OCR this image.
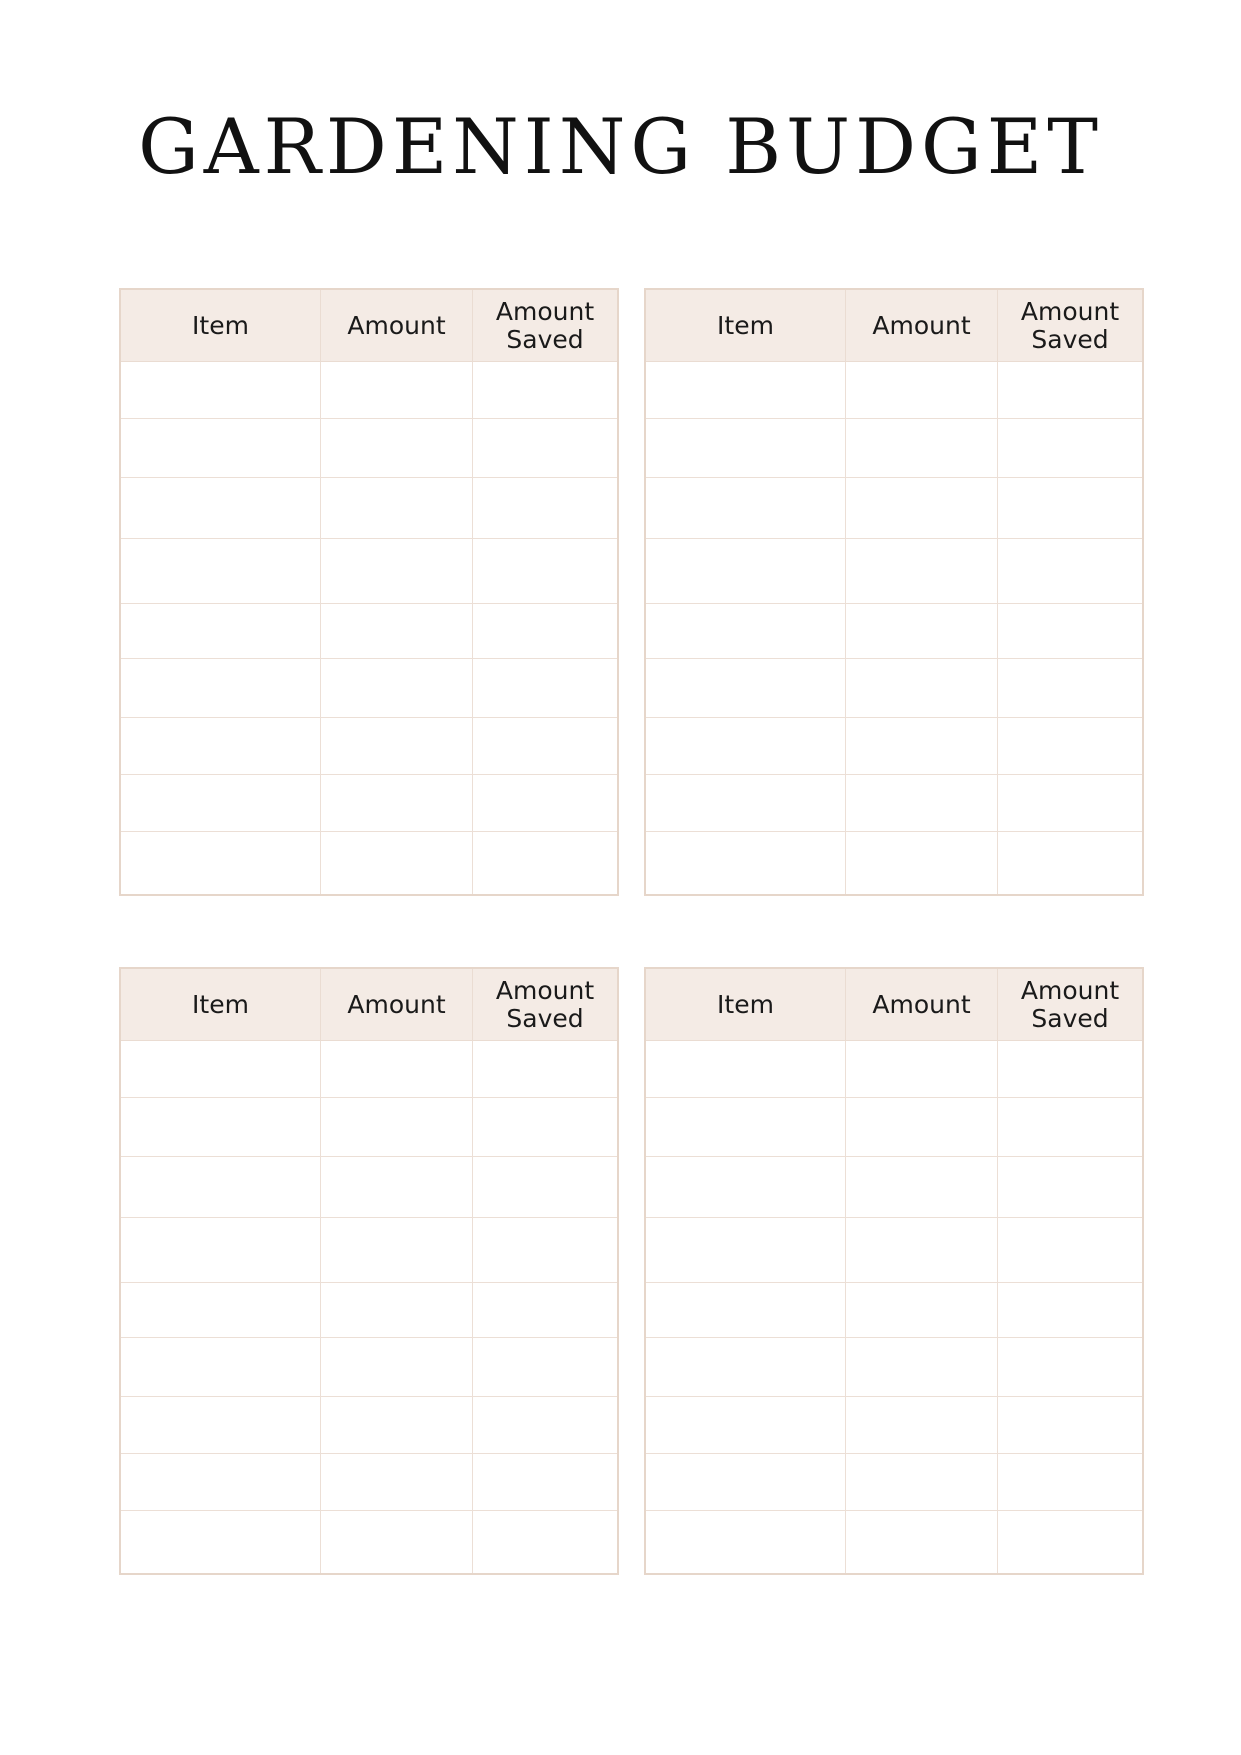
GARDENING BUDGET
Item	Amount	Amount
Saved

			Item	Amount	Amount
Saved

Item	Amount	Amount
Saved

			Item	Amount	Amount
Saved
